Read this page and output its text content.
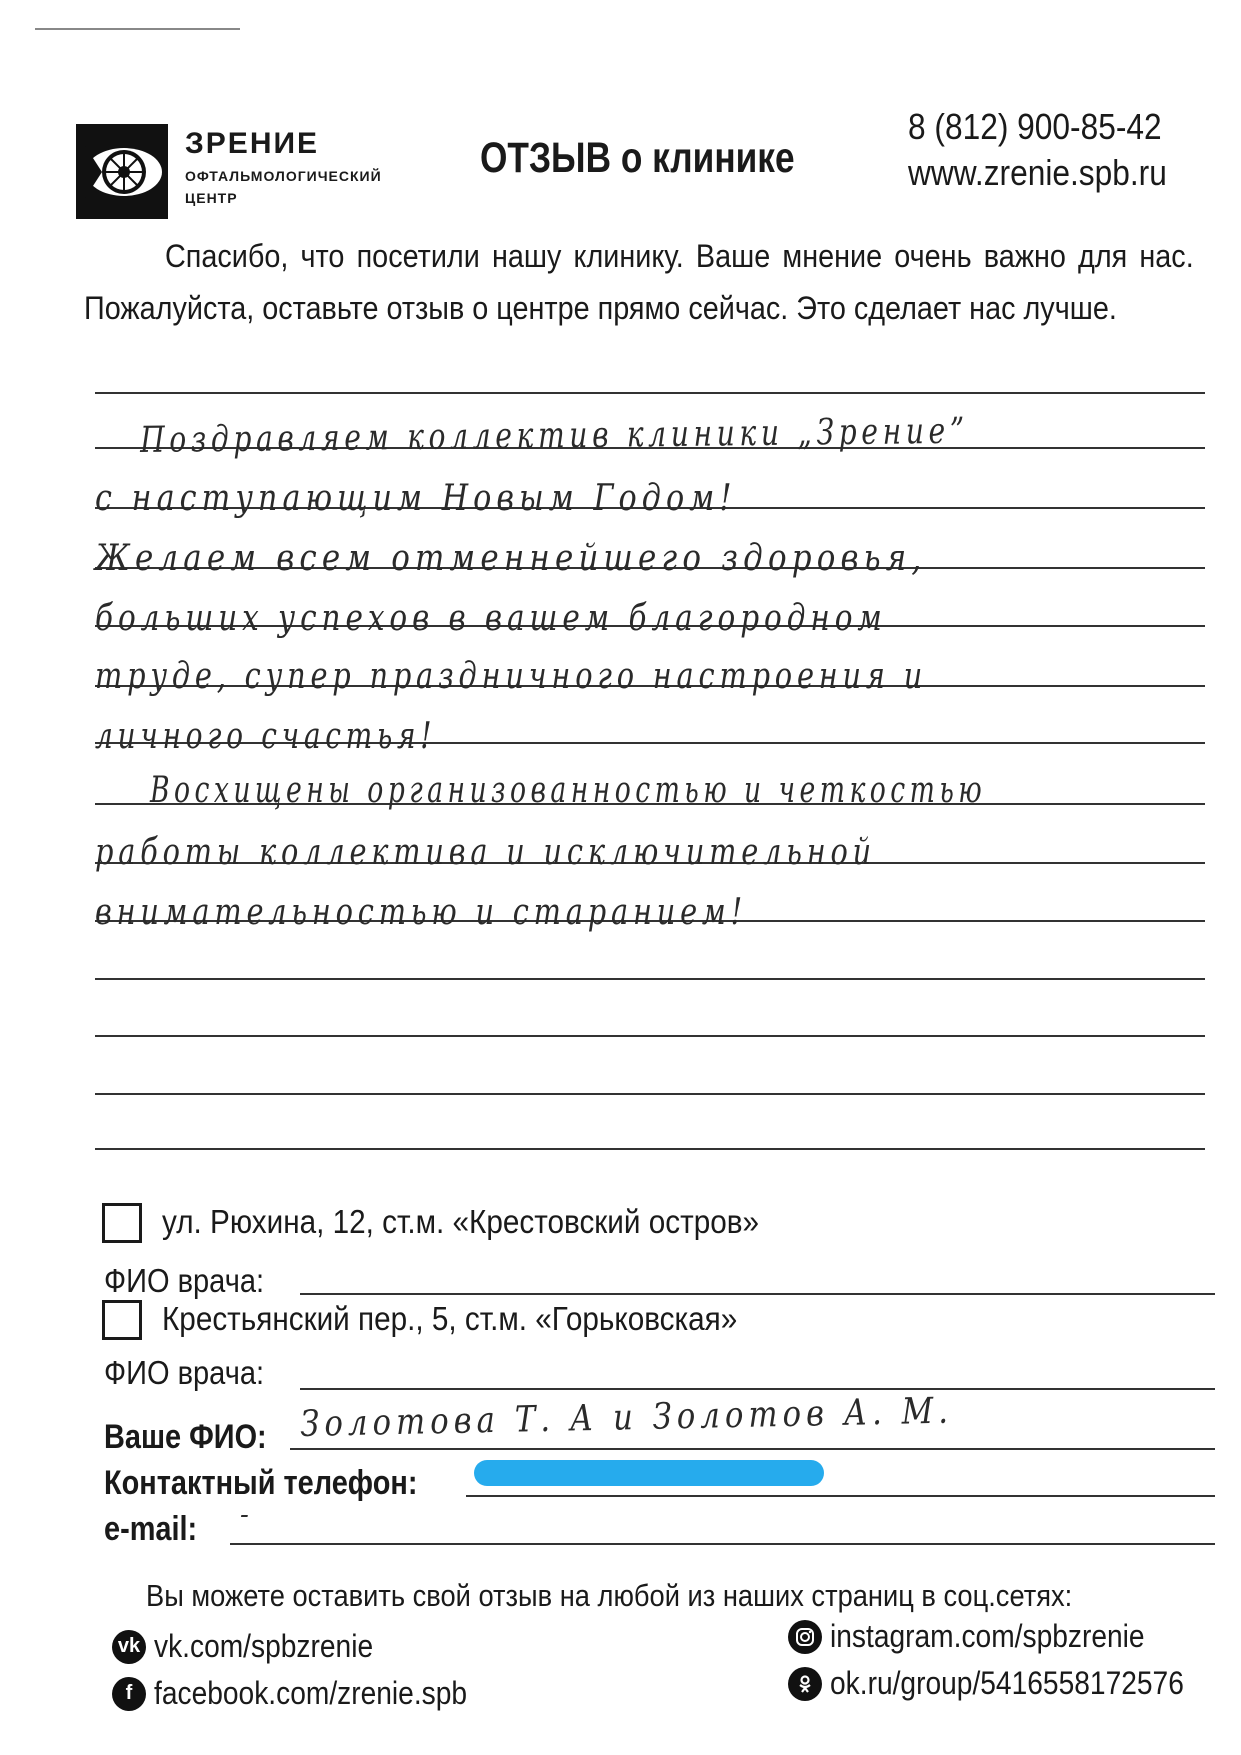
ЗРЕНИЕ
ОФТАЛЬМОЛОГИЧЕСКИЙ
ЦЕНТР
ОТЗЫВ о клинике
8 (812) 900-85-42
www.zrenie.spb.ru
Спасибо, что посетили нашу клинику. Ваше мнение очень важно для нас. Пожалуйста, оставьте отзыв о центре прямо сейчас. Это сделает нас лучше.
Поздравляем коллектив клиники „Зрение”
с наступающим Новым Годом!
Желаем всем отменнейшего здоровья,
больших успехов в вашем благородном
труде, супер праздничного настроения и
личного счастья!
Восхищены организованностью и четкостью
работы коллектива и исключительной
внимательностью и старанием!
ул. Рюхина, 12, ст.м. «Крестовский остров»
ФИО врача:
Крестьянский пер., 5, ст.м. «Горьковская»
ФИО врача:
Ваше ФИО: Золотова Т. А и Золотов А. М.
Контактный телефон:
e-mail: -
Вы можете оставить свой отзыв на любой из наших страниц в соц.сетях:
vk vk.com/spbzrenie
f facebook.com/zrenie.spb
instagram.com/spbzrenie
ok.ru/group/5416558172576
